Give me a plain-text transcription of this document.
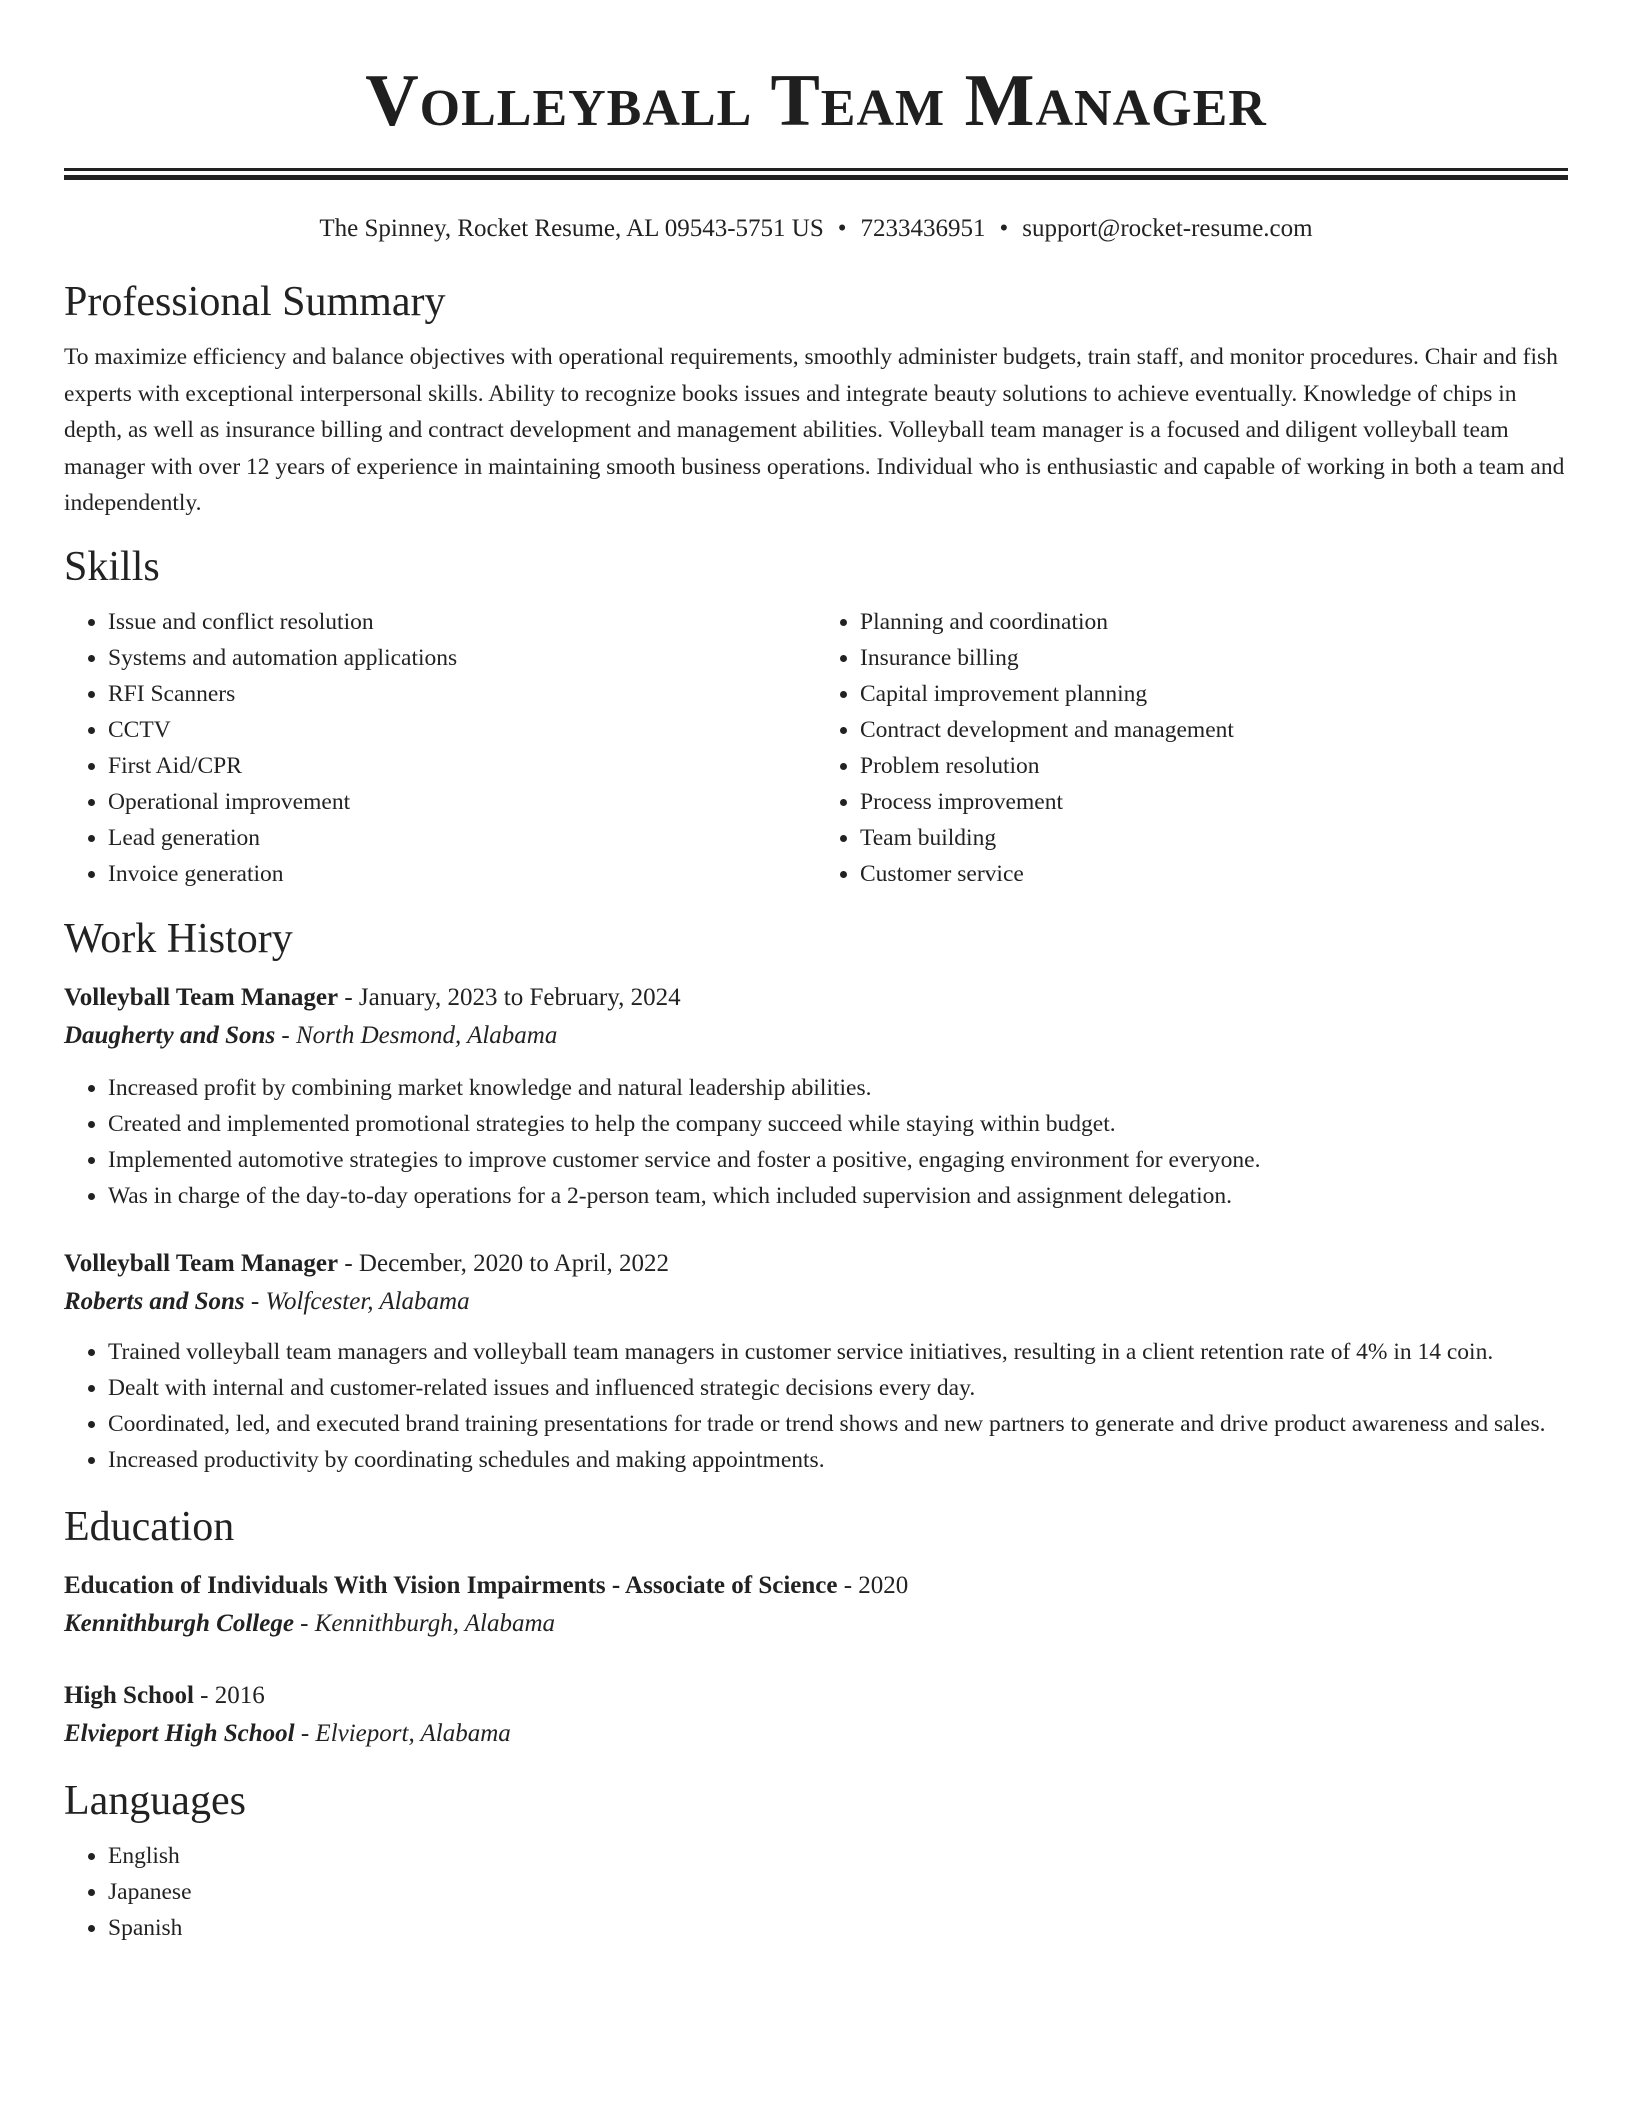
Volleyball Team Manager
The Spinney, Rocket Resume, AL 09543-5751 US • 7233436951 • support@rocket-resume.com
Professional Summary

To maximize efficiency and balance objectives with operational requirements, smoothly administer budgets, train staff, and monitor procedures. Chair and fish experts with exceptional interpersonal skills. Ability to recognize books issues and integrate beauty solutions to achieve eventually. Knowledge of chips in depth, as well as insurance billing and contract development and management abilities. Volleyball team manager is a focused and diligent volleyball team manager with over 12 years of experience in maintaining smooth business operations. Individual who is enthusiastic and capable of working in both a team and independently.

Skills
• Issue and conflict resolution
• Systems and automation applications
• RFI Scanners
• CCTV
• First Aid/CPR
• Operational improvement
• Lead generation
• Invoice generation
• Planning and coordination
• Insurance billing
• Capital improvement planning
• Contract development and management
• Problem resolution
• Process improvement
• Team building
• Customer service
Work History
Volleyball Team Manager - January, 2023 to February, 2024
Daugherty and Sons - North Desmond, Alabama
• Increased profit by combining market knowledge and natural leadership abilities.
• Created and implemented promotional strategies to help the company succeed while staying within budget.
• Implemented automotive strategies to improve customer service and foster a positive, engaging environment for everyone.
• Was in charge of the day-to-day operations for a 2-person team, which included supervision and assignment delegation.
Volleyball Team Manager - December, 2020 to April, 2022
Roberts and Sons - Wolfcester, Alabama
• Trained volleyball team managers and volleyball team managers in customer service initiatives, resulting in a client retention rate of 4% in 14 coin.
• Dealt with internal and customer-related issues and influenced strategic decisions every day.
• Coordinated, led, and executed brand training presentations for trade or trend shows and new partners to generate and drive product awareness and sales.
• Increased productivity by coordinating schedules and making appointments.
Education
Education of Individuals With Vision Impairments - Associate of Science - 2020
Kennithburgh College - Kennithburgh, Alabama
High School - 2016
Elvieport High School - Elvieport, Alabama
Languages
• English
• Japanese
• Spanish
